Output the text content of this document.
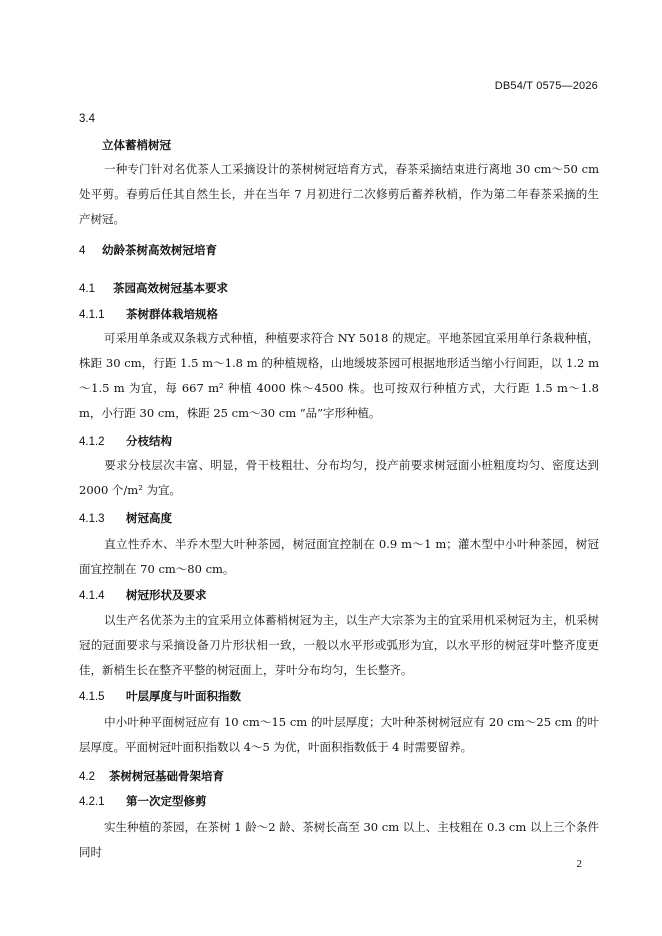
DB54/T 0575—2026
3.4
立体蓄梢树冠
一种专门针对名优茶人工采摘设计的茶树树冠培育方式，春茶采摘结束进行离地 30 cm～50 cm 处平剪。春剪后任其自然生长，并在当年 7 月初进行二次修剪后蓄养秋梢，作为第二年春茶采摘的生产树冠。
4 幼龄茶树高效树冠培育
4.1 茶园高效树冠基本要求
4.1.1 茶树群体栽培规格
可采用单条或双条栽方式种植，种植要求符合 NY 5018 的规定。平地茶园宜采用单行条栽种植，株距 30 cm，行距 1.5 m～1.8 m 的种植规格，山地缓坡茶园可根据地形适当缩小行间距，以 1.2 m～1.5 m 为宜，每 667 m² 种植 4000 株～4500 株。也可按双行种植方式，大行距 1.5 m～1.8 m，小行距 30 cm，株距 25 cm～30 cm “品”字形种植。
4.1.2 分枝结构
要求分枝层次丰富、明显，骨干枝粗壮、分布均匀，投产前要求树冠面小桩粗度均匀、密度达到 2000 个/m² 为宜。
4.1.3 树冠高度
直立性乔木、半乔木型大叶种茶园，树冠面宜控制在 0.9 m～1 m；灌木型中小叶种茶园，树冠面宜控制在 70 cm～80 cm。
4.1.4 树冠形状及要求
以生产名优茶为主的宜采用立体蓄梢树冠为主，以生产大宗茶为主的宜采用机采树冠为主，机采树冠的冠面要求与采摘设备刀片形状相一致，一般以水平形或弧形为宜，以水平形的树冠芽叶整齐度更佳，新梢生长在整齐平整的树冠面上，芽叶分布均匀，生长整齐。
4.1.5 叶层厚度与叶面积指数
中小叶种平面树冠应有 10 cm～15 cm 的叶层厚度；大叶种茶树树冠应有 20 cm～25 cm 的叶层厚度。平面树冠叶面积指数以 4～5 为优，叶面积指数低于 4 时需要留养。
4.2 茶树树冠基础骨架培育
4.2.1 第一次定型修剪
实生种植的茶园，在茶树 1 龄～2 龄、茶树长高至 30 cm 以上、主枝粗在 0.3 cm 以上三个条件同时
2
